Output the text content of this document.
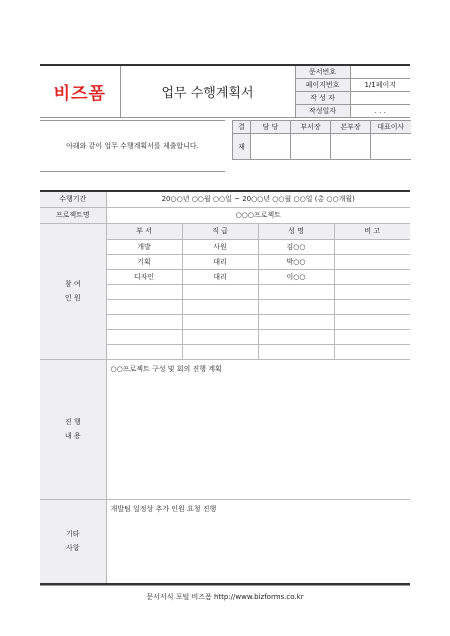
비즈폼	업무 수행계획서	문서번호	
		페이지번호	1/1페이지
		작 성 자	
		작성일자	. . .
아래와 같이 업무 수행계획서를 제출합니다.
결	담 당	부서장	본부장	대표이사
재				
수행기간	20○○년 ○○월 ○○일 ~ 20○○년 ○○월 ○○일 (총 ○○개월)			
프로젝트명	○○○프로젝트			
참 여
인 원	부 서	직 급	성 명	비 고
	개발	사원	김○○	
	기획	대리	박○○	
	디자인	대리	이○○	

진 행
내 용	○○프로젝트 구성 및 회의 진행 계획			
기타
사항	개발팀 일정상 추가 인원 요청 진행			
문서서식 포털 비즈폼 http://www.bizforms.co.kr
